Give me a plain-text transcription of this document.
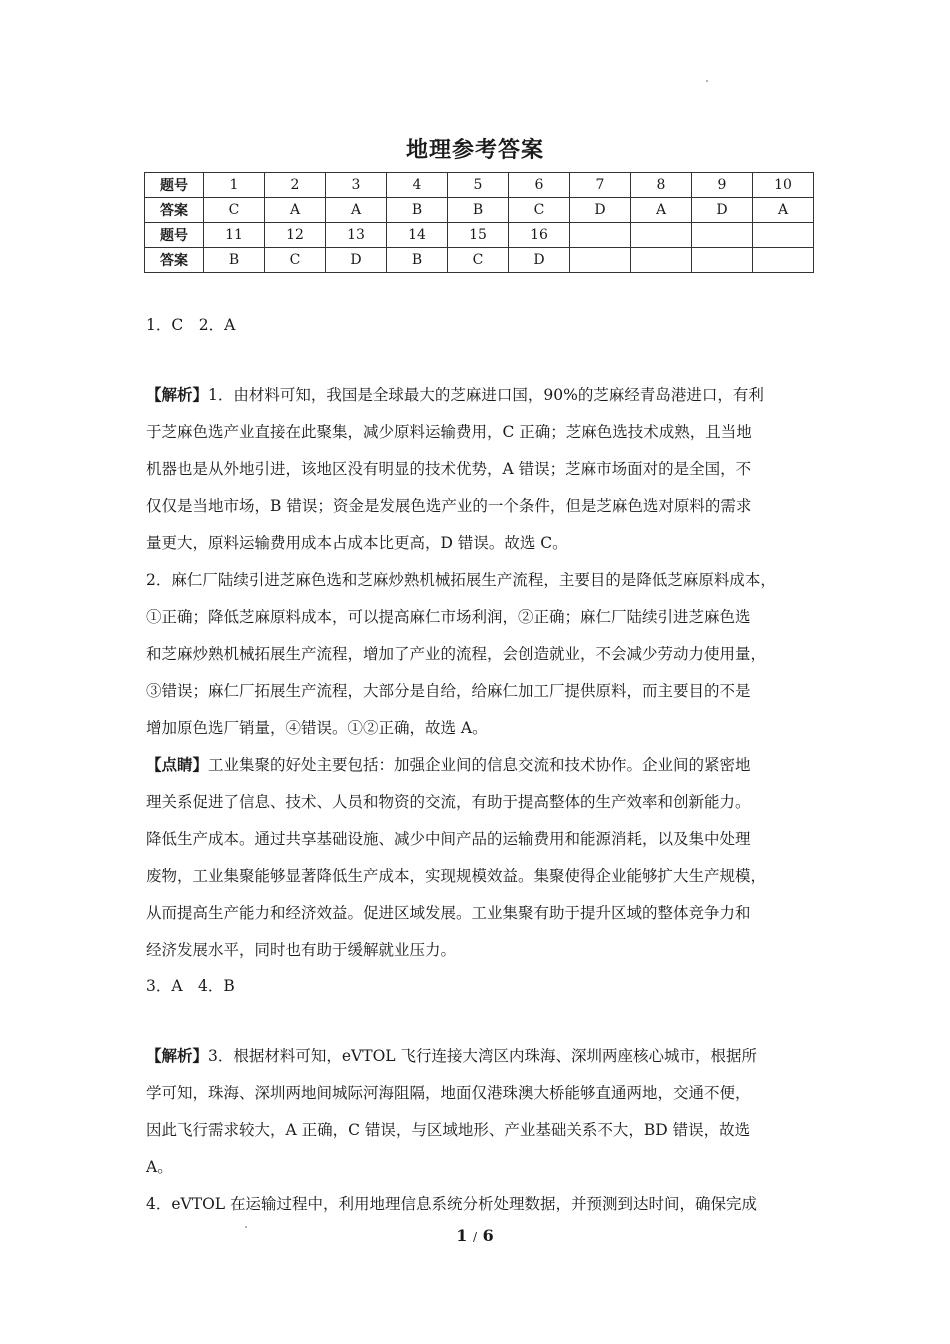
地理参考答案
题号	1	2	3	4	5	6	7	8	9	10
答案	C	A	A	B	B	C	D	A	D	A
题号	11	12	13	14	15	16				
答案	B	C	D	B	C	D				
1．C　2．A
【解析】1．由材料可知，我国是全球最大的芝麻进口国，90%的芝麻经青岛港进口，有利
于芝麻色选产业直接在此聚集，减少原料运输费用，C 正确；芝麻色选技术成熟，且当地
机器也是从外地引进，该地区没有明显的技术优势，A 错误；芝麻市场面对的是全国，不
仅仅是当地市场，B 错误；资金是发展色选产业的一个条件，但是芝麻色选对原料的需求
量更大，原料运输费用成本占成本比更高，D 错误。故选 C。
2．麻仁厂陆续引进芝麻色选和芝麻炒熟机械拓展生产流程，主要目的是降低芝麻原料成本，
①正确；降低芝麻原料成本，可以提高麻仁市场利润，②正确；麻仁厂陆续引进芝麻色选
和芝麻炒熟机械拓展生产流程，增加了产业的流程，会创造就业，不会减少劳动力使用量，
③错误；麻仁厂拓展生产流程，大部分是自给，给麻仁加工厂提供原料，而主要目的不是
增加原色选厂销量，④错误。①②正确，故选 A。
【点睛】工业集聚的好处主要包括：加强企业间的信息交流和技术协作。企业间的紧密地
理关系促进了信息、技术、人员和物资的交流，有助于提高整体的生产效率和创新能力。
降低生产成本。通过共享基础设施、减少中间产品的运输费用和能源消耗，以及集中处理
废物，工业集聚能够显著降低生产成本，实现规模效益。集聚使得企业能够扩大生产规模，
从而提高生产能力和经济效益。促进区域发展。工业集聚有助于提升区域的整体竞争力和
经济发展水平，同时也有助于缓解就业压力。
3．A　4．B
【解析】3．根据材料可知，eVTOL 飞行连接大湾区内珠海、深圳两座核心城市，根据所
学可知，珠海、深圳两地间城际河海阻隔，地面仅港珠澳大桥能够直通两地，交通不便，
因此飞行需求较大，A 正确，C 错误，与区域地形、产业基础关系不大，BD 错误，故选
A。
4．eVTOL 在运输过程中，利用地理信息系统分析处理数据，并预测到达时间，确保完成
1 / 6
